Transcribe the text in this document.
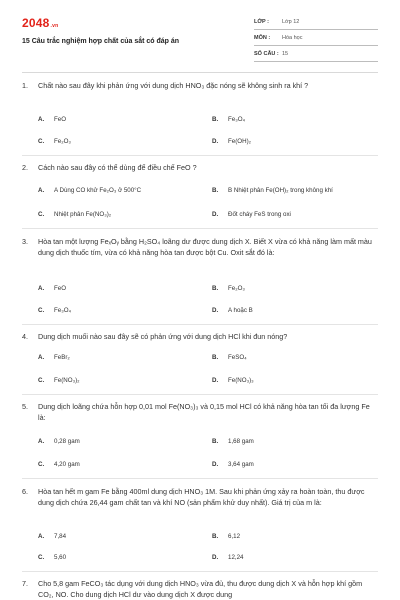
2048.vn
15 Câu trắc nghiệm hợp chất của sắt có đáp án
LỚP :	Lớp 12
MÔN :	Hóa học
SỐ CÂU : 15
1.	Chất nào sau đây khi phản ứng với dung dịch HNO₃ đặc nóng sẽ không sinh ra khí ?
A.	FeO	B.	Fe₃O₄
C.	Fe₂O₃	D.	Fe(OH)₂
2.	Cách nào sau đây có thể dùng để điều chế FeO ?
A.	A Dùng CO khử Fe₂O₃ ở 500°C	B.	B Nhiệt phân Fe(OH)₂ trong không khí
C.	Nhiệt phân Fe(NO₃)₂	D.	Đốt cháy FeS trong oxi
3.	Hòa tan một lượng FeₓOᵧ bằng H₂SO₄ loãng dư được dung dịch X. Biết X vừa có khả năng làm mất màu dung dịch thuốc tím, vừa có khả năng hòa tan được bột Cu. Oxit sắt đó là:
A.	FeO	B.	Fe₂O₃
C.	Fe₃O₄	D.	A hoặc B
4.	Dung dịch muối nào sau đây sẽ có phản ứng với dung dịch HCl khi đun nóng?
A.	FeBr₂	B.	FeSO₄
C.	Fe(NO₃)₂	D.	Fe(NO₃)₃
5.	Dung dịch loãng chứa hỗn hợp 0,01 mol Fe(NO₃)₃ và 0,15 mol HCl có khả năng hòa tan tối đa lượng Fe là:
A.	0,28 gam	B.	1,68 gam
C.	4,20 gam	D.	3,64 gam
6.	Hòa tan hết m gam Fe bằng 400ml dung dịch HNO₃ 1M. Sau khi phản ứng xảy ra hoàn toàn, thu được dung dịch chứa 26,44 gam chất tan và khí NO (sản phẩm khử duy nhất). Giá trị của m là:
A.	7,84	B.	6,12
C.	5,60	D.	12,24
7.	Cho 5,8 gam FeCO₃ tác dụng với dung dịch HNO₃ vừa đủ, thu được dung dịch X và hỗn hợp khí gồm CO₂, NO. Cho dung dịch HCl dư vào dung dịch X được dung
